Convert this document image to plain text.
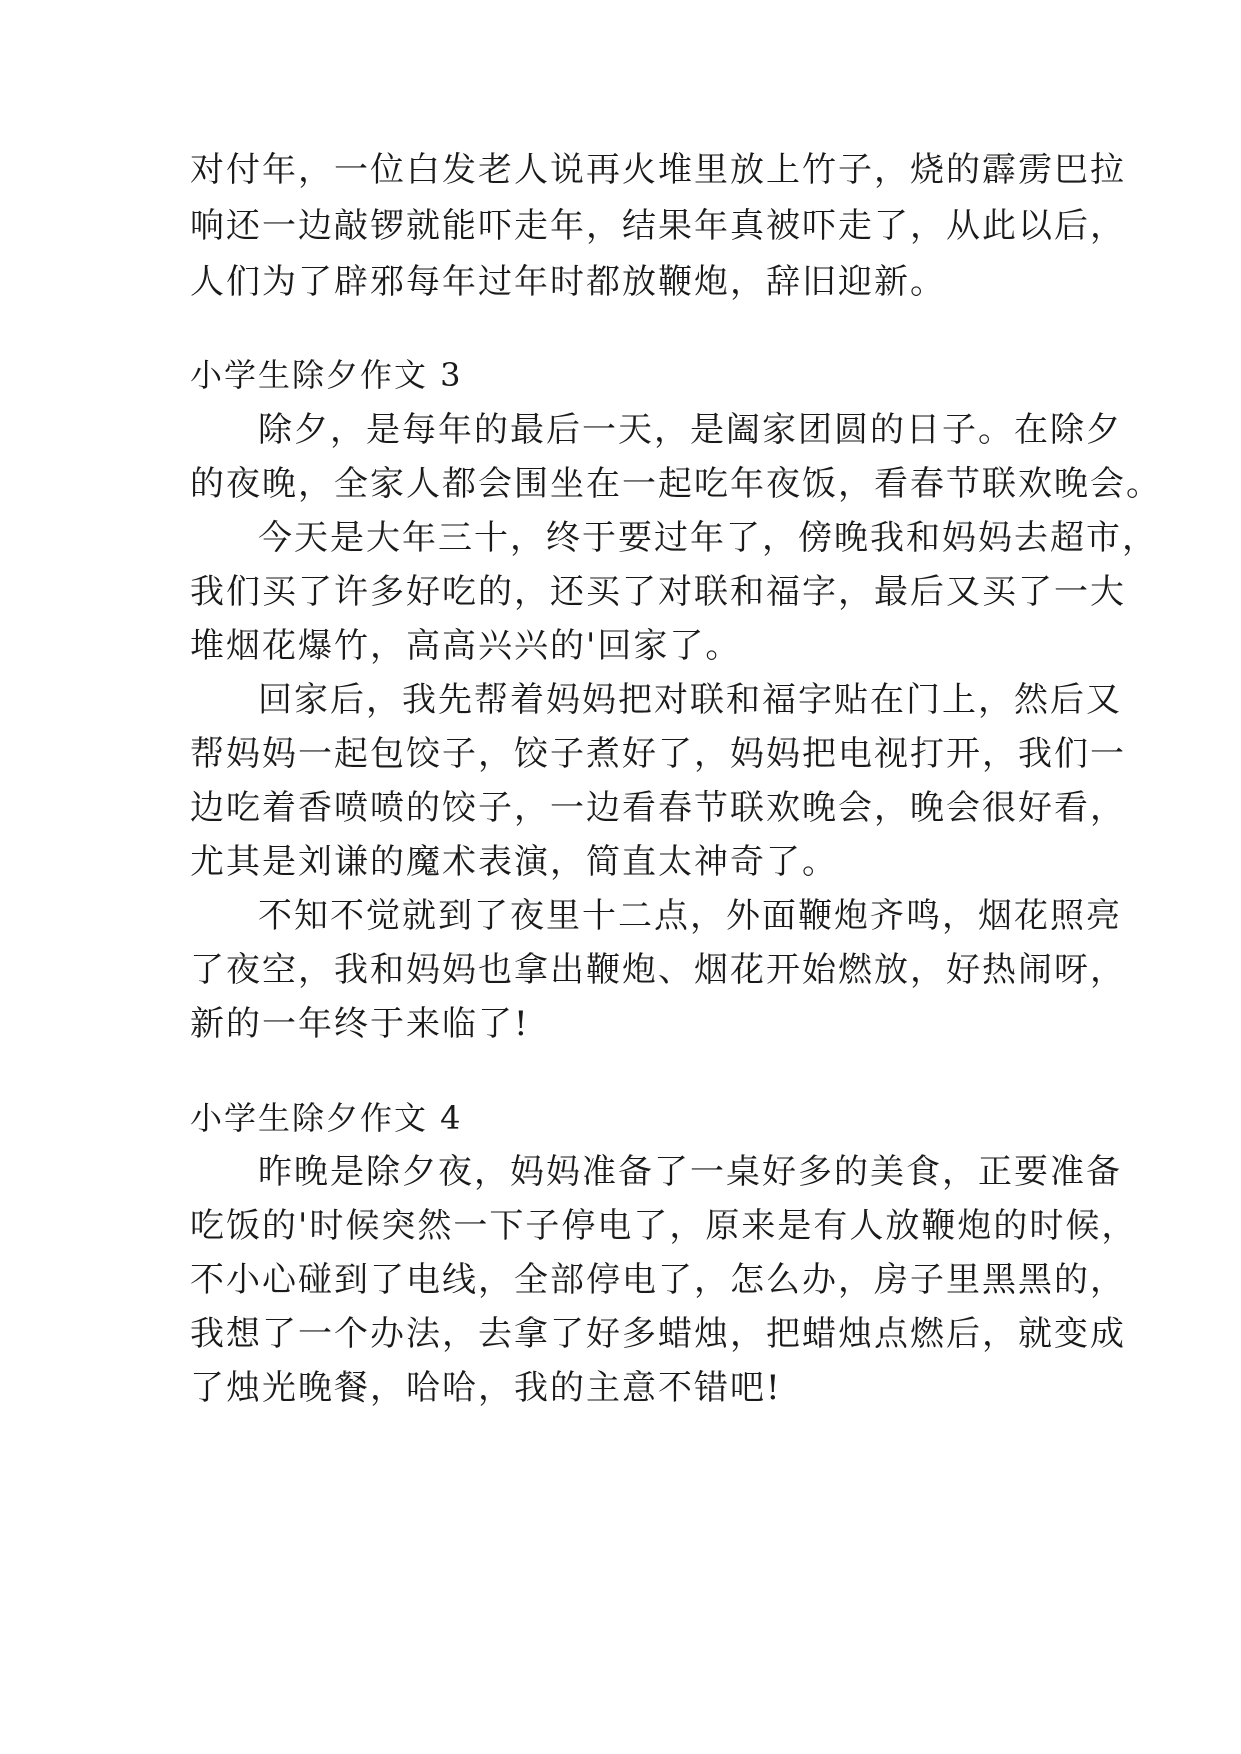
对付年，一位白发老人说再火堆里放上竹子，烧的霹雳巴拉
响还一边敲锣就能吓走年，结果年真被吓走了，从此以后，
人们为了辟邪每年过年时都放鞭炮，辞旧迎新。
小学生除夕作文 3
除夕，是每年的最后一天，是阖家团圆的日子。在除夕
的夜晚，全家人都会围坐在一起吃年夜饭，看春节联欢晚会。
今天是大年三十，终于要过年了，傍晚我和妈妈去超市，
我们买了许多好吃的，还买了对联和福字，最后又买了一大
堆烟花爆竹，高高兴兴的'回家了。
回家后，我先帮着妈妈把对联和福字贴在门上，然后又
帮妈妈一起包饺子，饺子煮好了，妈妈把电视打开，我们一
边吃着香喷喷的饺子，一边看春节联欢晚会，晚会很好看，
尤其是刘谦的魔术表演，简直太神奇了。
不知不觉就到了夜里十二点，外面鞭炮齐鸣，烟花照亮
了夜空，我和妈妈也拿出鞭炮、烟花开始燃放，好热闹呀，
新的一年终于来临了!
小学生除夕作文 4
昨晚是除夕夜，妈妈准备了一桌好多的美食，正要准备
吃饭的'时候突然一下子停电了，原来是有人放鞭炮的时候，
不小心碰到了电线，全部停电了，怎么办，房子里黑黑的，
我想了一个办法，去拿了好多蜡烛，把蜡烛点燃后，就变成
了烛光晚餐，哈哈，我的主意不错吧!
